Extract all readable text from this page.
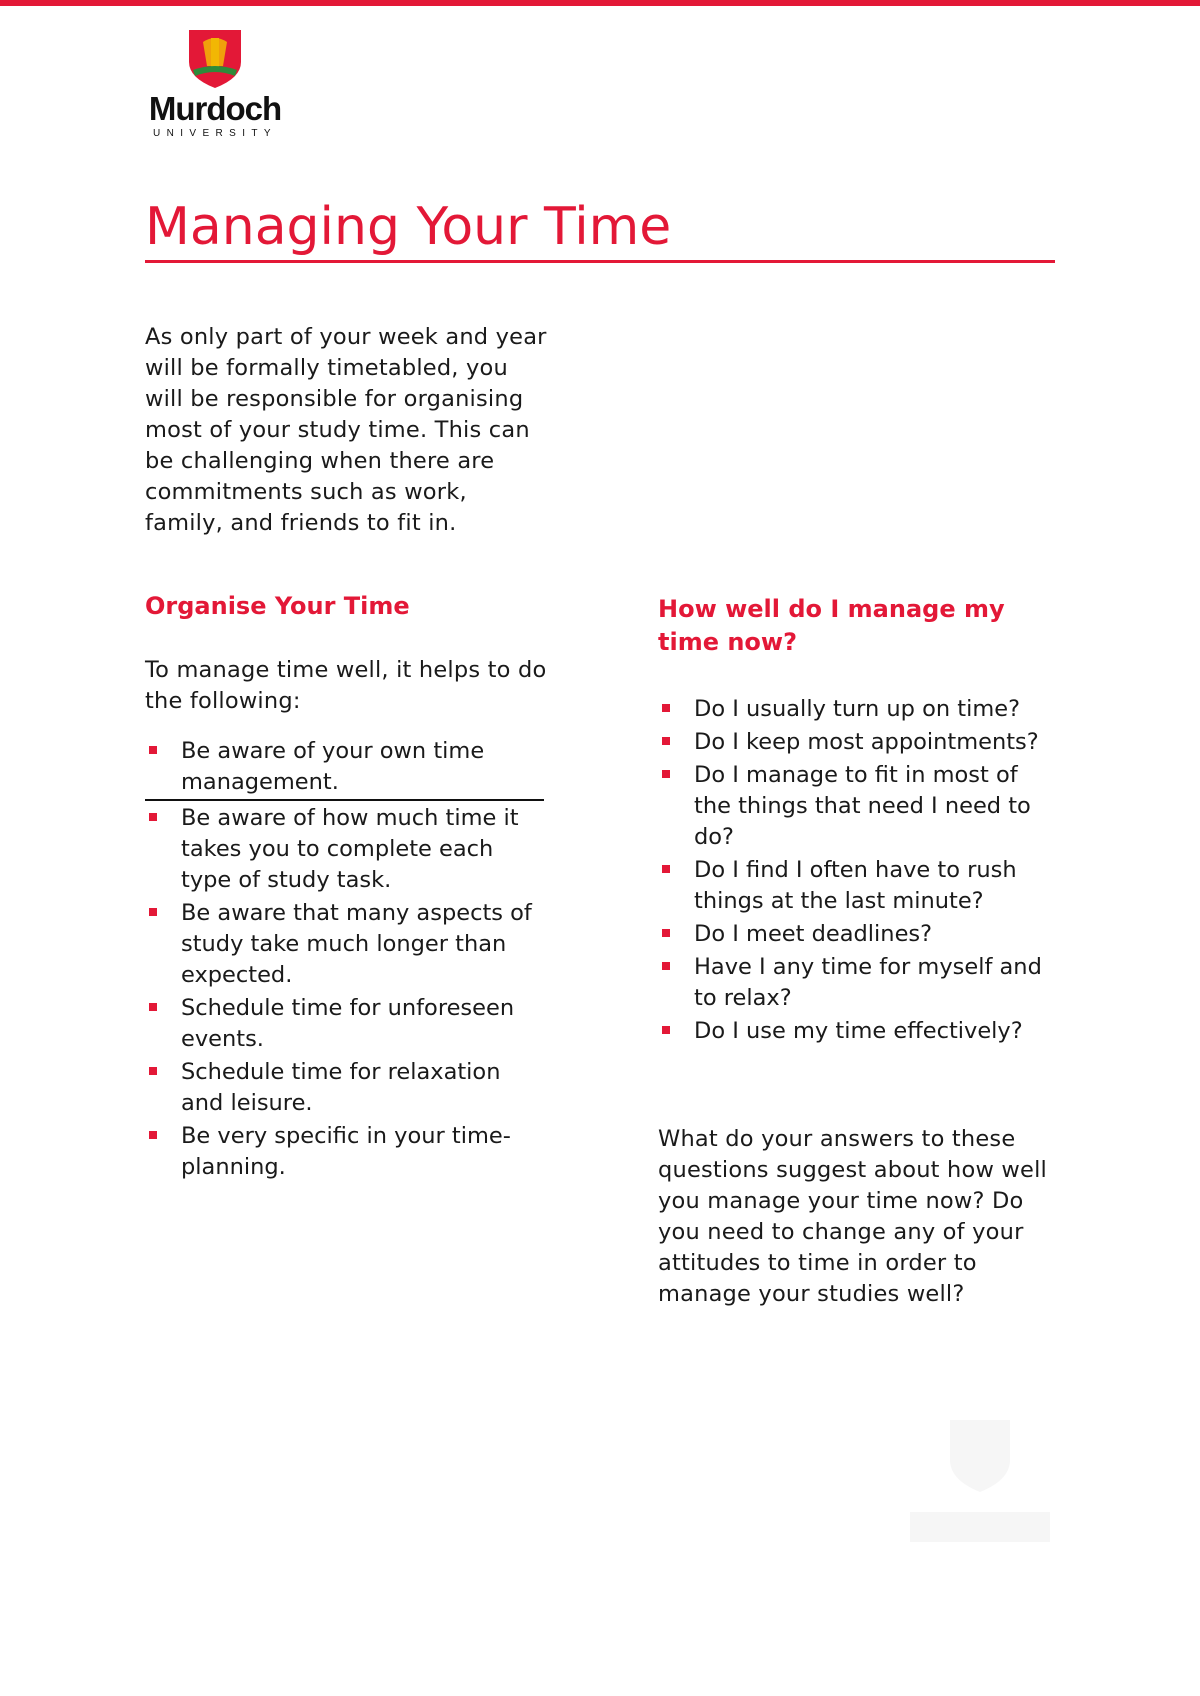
Murdoch
UNIVERSITY
Managing Your Time

As only part of your week and year will be formally timetabled, you will be responsible for organising most of your study time. This can be challenging when there are commitments such as work, family, and friends to fit in.

Organise Your Time

To manage time well, it helps to do the following:

Be aware of your own time management.
Be aware of how much time it takes you to complete each type of study task.
Be aware that many aspects of study take much longer than expected.
Schedule time for unforeseen events.
Schedule time for relaxation and leisure.
Be very specific in your time-planning.
How well do I manage my time now?
Do I usually turn up on time?
Do I keep most appointments?
Do I manage to fit in most of the things that need I need to do?
Do I find I often have to rush things at the last minute?
Do I meet deadlines?
Have I any time for myself and to relax?
Do I use my time effectively?

What do your answers to these questions suggest about how well you manage your time now? Do you need to change any of your attitudes to time in order to manage your studies well?
